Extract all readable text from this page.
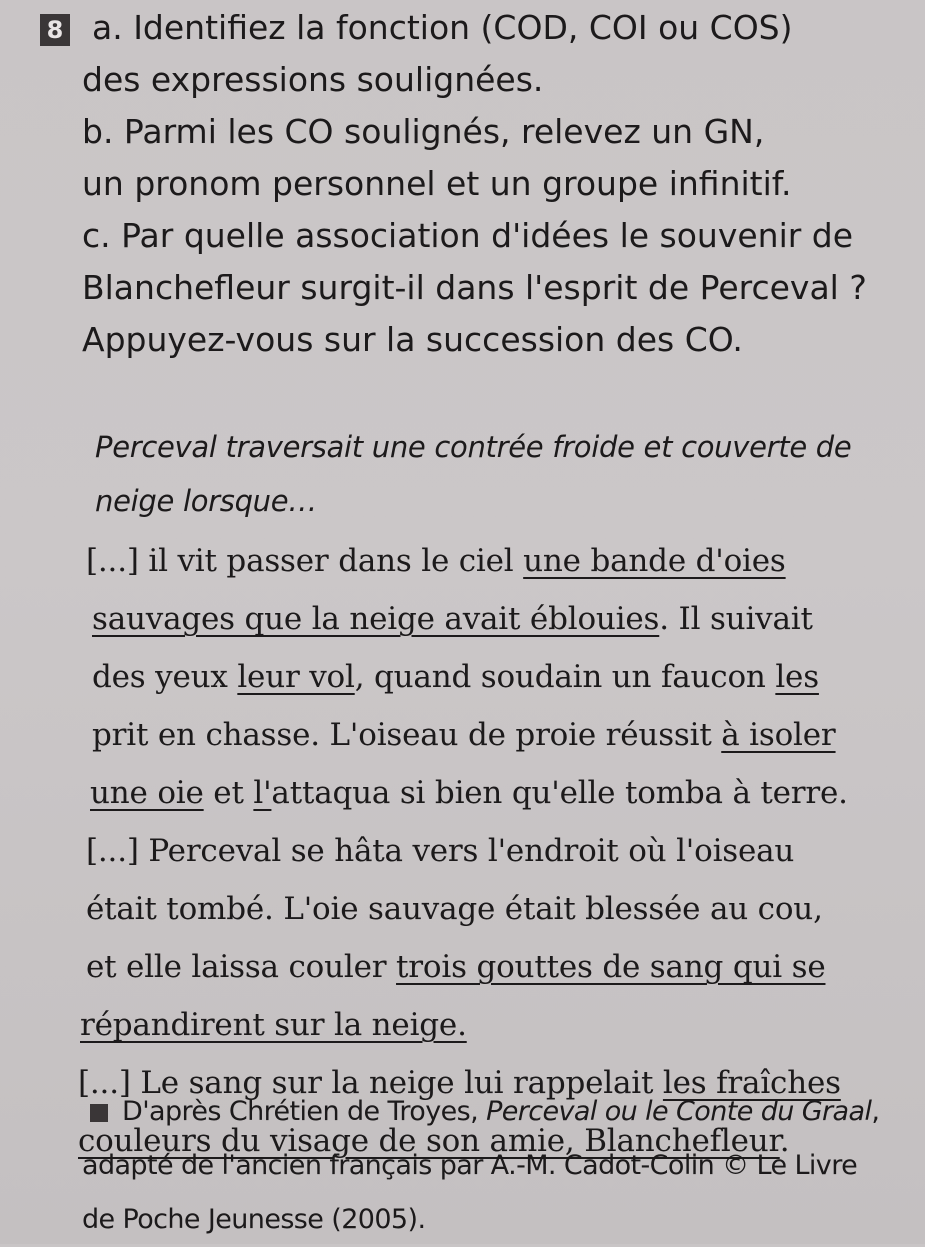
8 a. Identifiez la fonction (COD, COI ou COS)
des expressions soulignées.
b. Parmi les CO soulignés, relevez un GN,
un pronom personnel et un groupe infinitif.
c. Par quelle association d'idées le souvenir de
Blanchefleur surgit-il dans l'esprit de Perceval ?
Appuyez-vous sur la succession des CO.
Perceval traversait une contrée froide et couverte de
neige lorsque…
[...] il vit passer dans le ciel une bande d'oies
sauvages que la neige avait éblouies. Il suivait
des yeux leur vol, quand soudain un faucon les
prit en chasse. L'oiseau de proie réussit à isoler
une oie et l'attaqua si bien qu'elle tomba à terre.
[...] Perceval se hâta vers l'endroit où l'oiseau
était tombé. L'oie sauvage était blessée au cou,
et elle laissa couler trois gouttes de sang qui se
répandirent sur la neige.
[...] Le sang sur la neige lui rappelait les fraîches
couleurs du visage de son amie, Blanchefleur.
D'après Chrétien de Troyes, Perceval ou le Conte du Graal,
adapté de l'ancien français par A.-M. Cadot-Colin © Le Livre
de Poche Jeunesse (2005).
